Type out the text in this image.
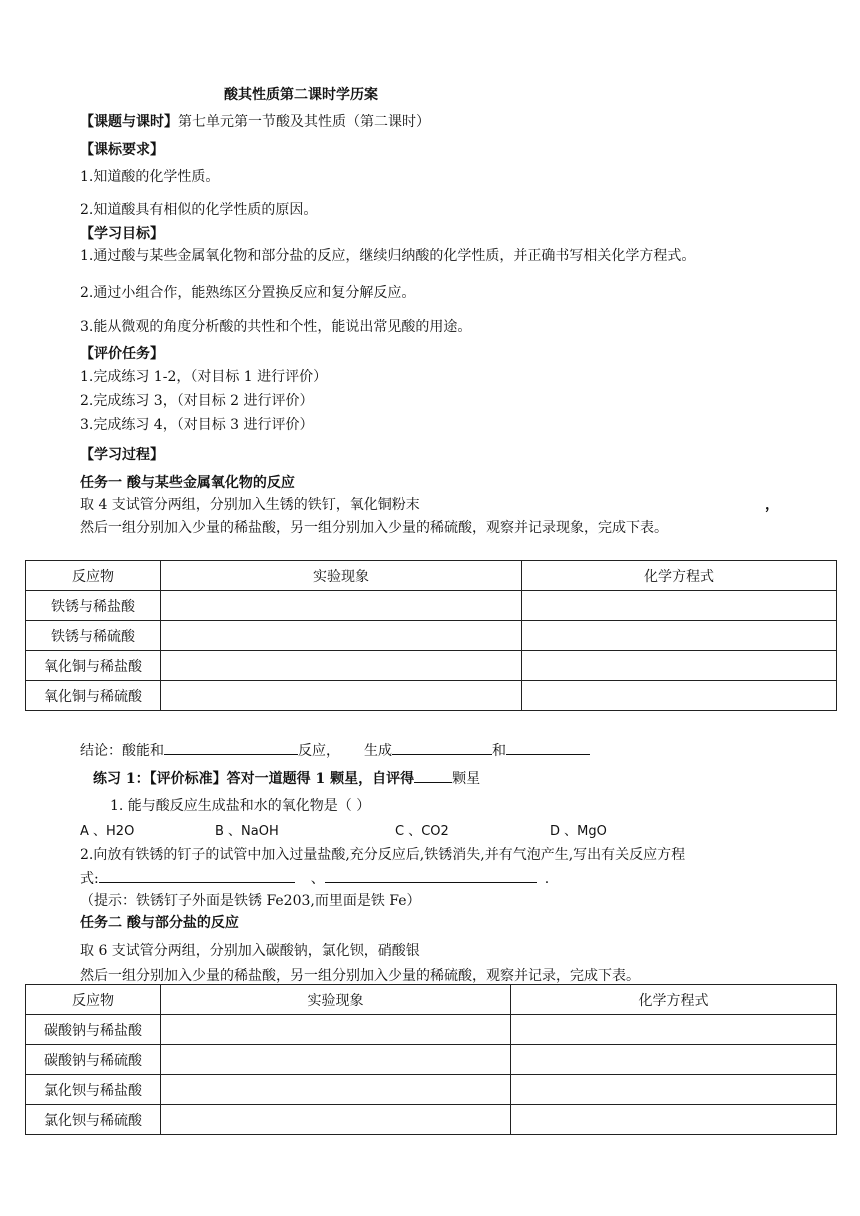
酸其性质第二课时学历案
【课题与课时】第七单元第一节酸及其性质（第二课时）
【课标要求】
1.知道酸的化学性质。
2.知道酸具有相似的化学性质的原因。
【学习目标】
1.通过酸与某些金属氧化物和部分盐的反应，继续归纳酸的化学性质，并正确书写相关化学方程式。
2.通过小组合作，能熟练区分置换反应和复分解反应。
3.能从微观的角度分析酸的共性和个性，能说出常见酸的用途。
【评价任务】
1.完成练习 1-2，（对目标 1 进行评价）
2.完成练习 3，（对目标 2 进行评价）
3.完成练习 4，（对目标 3 进行评价）
【学习过程】
任务一 酸与某些金属氧化物的反应
取 4 支试管分两组，分别加入生锈的铁钉，氧化铜粉末	，
然后一组分别加入少量的稀盐酸，另一组分别加入少量的稀硫酸，观察并记录现象，完成下表。
反应物	实验现象	化学方程式
铁锈与稀盐酸		
铁锈与稀硫酸		
氧化铜与稀盐酸		
氧化铜与稀硫酸		
结论：酸能和	反应， 生成	和
练习 1：【评价标准】答对一道题得 1 颗星，自评得	颗星
1. 能与酸反应生成盐和水的氧化物是（ ）
A 、H2O	B 、NaOH	C 、CO2	D 、MgO
2.向放有铁锈的钉子的试管中加入过量盐酸,充分反应后,铁锈消失,并有气泡产生,写出有关反应方程
式:	、	.
（提示：铁锈钉子外面是铁锈 Fe203,而里面是铁 Fe）
任务二 酸与部分盐的反应
取 6 支试管分两组，分别加入碳酸钠，氯化钡，硝酸银
然后一组分别加入少量的稀盐酸，另一组分别加入少量的稀硫酸，观察并记录，完成下表。
反应物	实验现象	化学方程式
碳酸钠与稀盐酸		
碳酸钠与稀硫酸		
氯化钡与稀盐酸		
氯化钡与稀硫酸		
